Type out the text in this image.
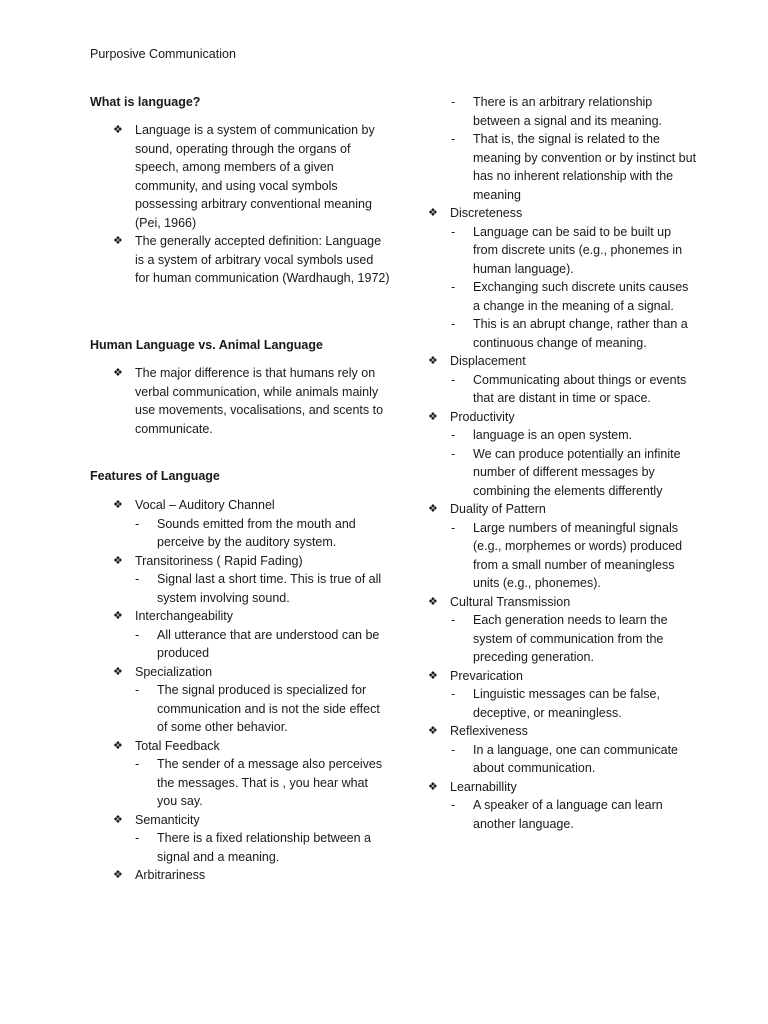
Purposive Communication
What is language?
❖ Language is a system of communication by sound, operating through the organs of speech, among members of a given community, and using vocal symbols possessing arbitrary conventional meaning (Pei, 1966)
❖ The generally accepted definition: Language is a system of arbitrary vocal symbols used for human communication (Wardhaugh, 1972)
Human Language vs. Animal Language
❖ The major difference is that humans rely on verbal communication, while animals mainly use movements, vocalisations, and scents to communicate.
Features of Language
❖ Vocal – Auditory Channel
- Sounds emitted from the mouth and perceive by the auditory system.
❖ Transitoriness ( Rapid Fading)
- Signal last a short time. This is true of all system involving sound.
❖ Interchangeability
- All utterance that are understood can be produced
❖ Specialization
- The signal produced is specialized for communication and is not the side effect of some other behavior.
❖ Total Feedback
- The sender of a message also perceives the messages. That is , you hear what you say.
❖ Semanticity
- There is a fixed relationship between a signal and a meaning.
❖ Arbitrariness
- There is an arbitrary relationship between a signal and its meaning.
- That is, the signal is related to the meaning by convention or by instinct but has no inherent relationship with the meaning
❖ Discreteness
- Language can be said to be built up from discrete units (e.g., phonemes in human language).
- Exchanging such discrete units causes a change in the meaning of a signal.
- This is an abrupt change, rather than a continuous change of meaning.
❖ Displacement
- Communicating about things or events that are distant in time or space.
❖ Productivity
- language is an open system.
- We can produce potentially an infinite number of different messages by combining the elements differently
❖ Duality of Pattern
- Large numbers of meaningful signals (e.g., morphemes or words) produced from a small number of meaningless units (e.g., phonemes).
❖ Cultural Transmission
- Each generation needs to learn the system of communication from the preceding generation.
❖ Prevarication
- Linguistic messages can be false, deceptive, or meaningless.
❖ Reflexiveness
- In a language, one can communicate about communication.
❖ Learnabillity
- A speaker of a language can learn another language.
